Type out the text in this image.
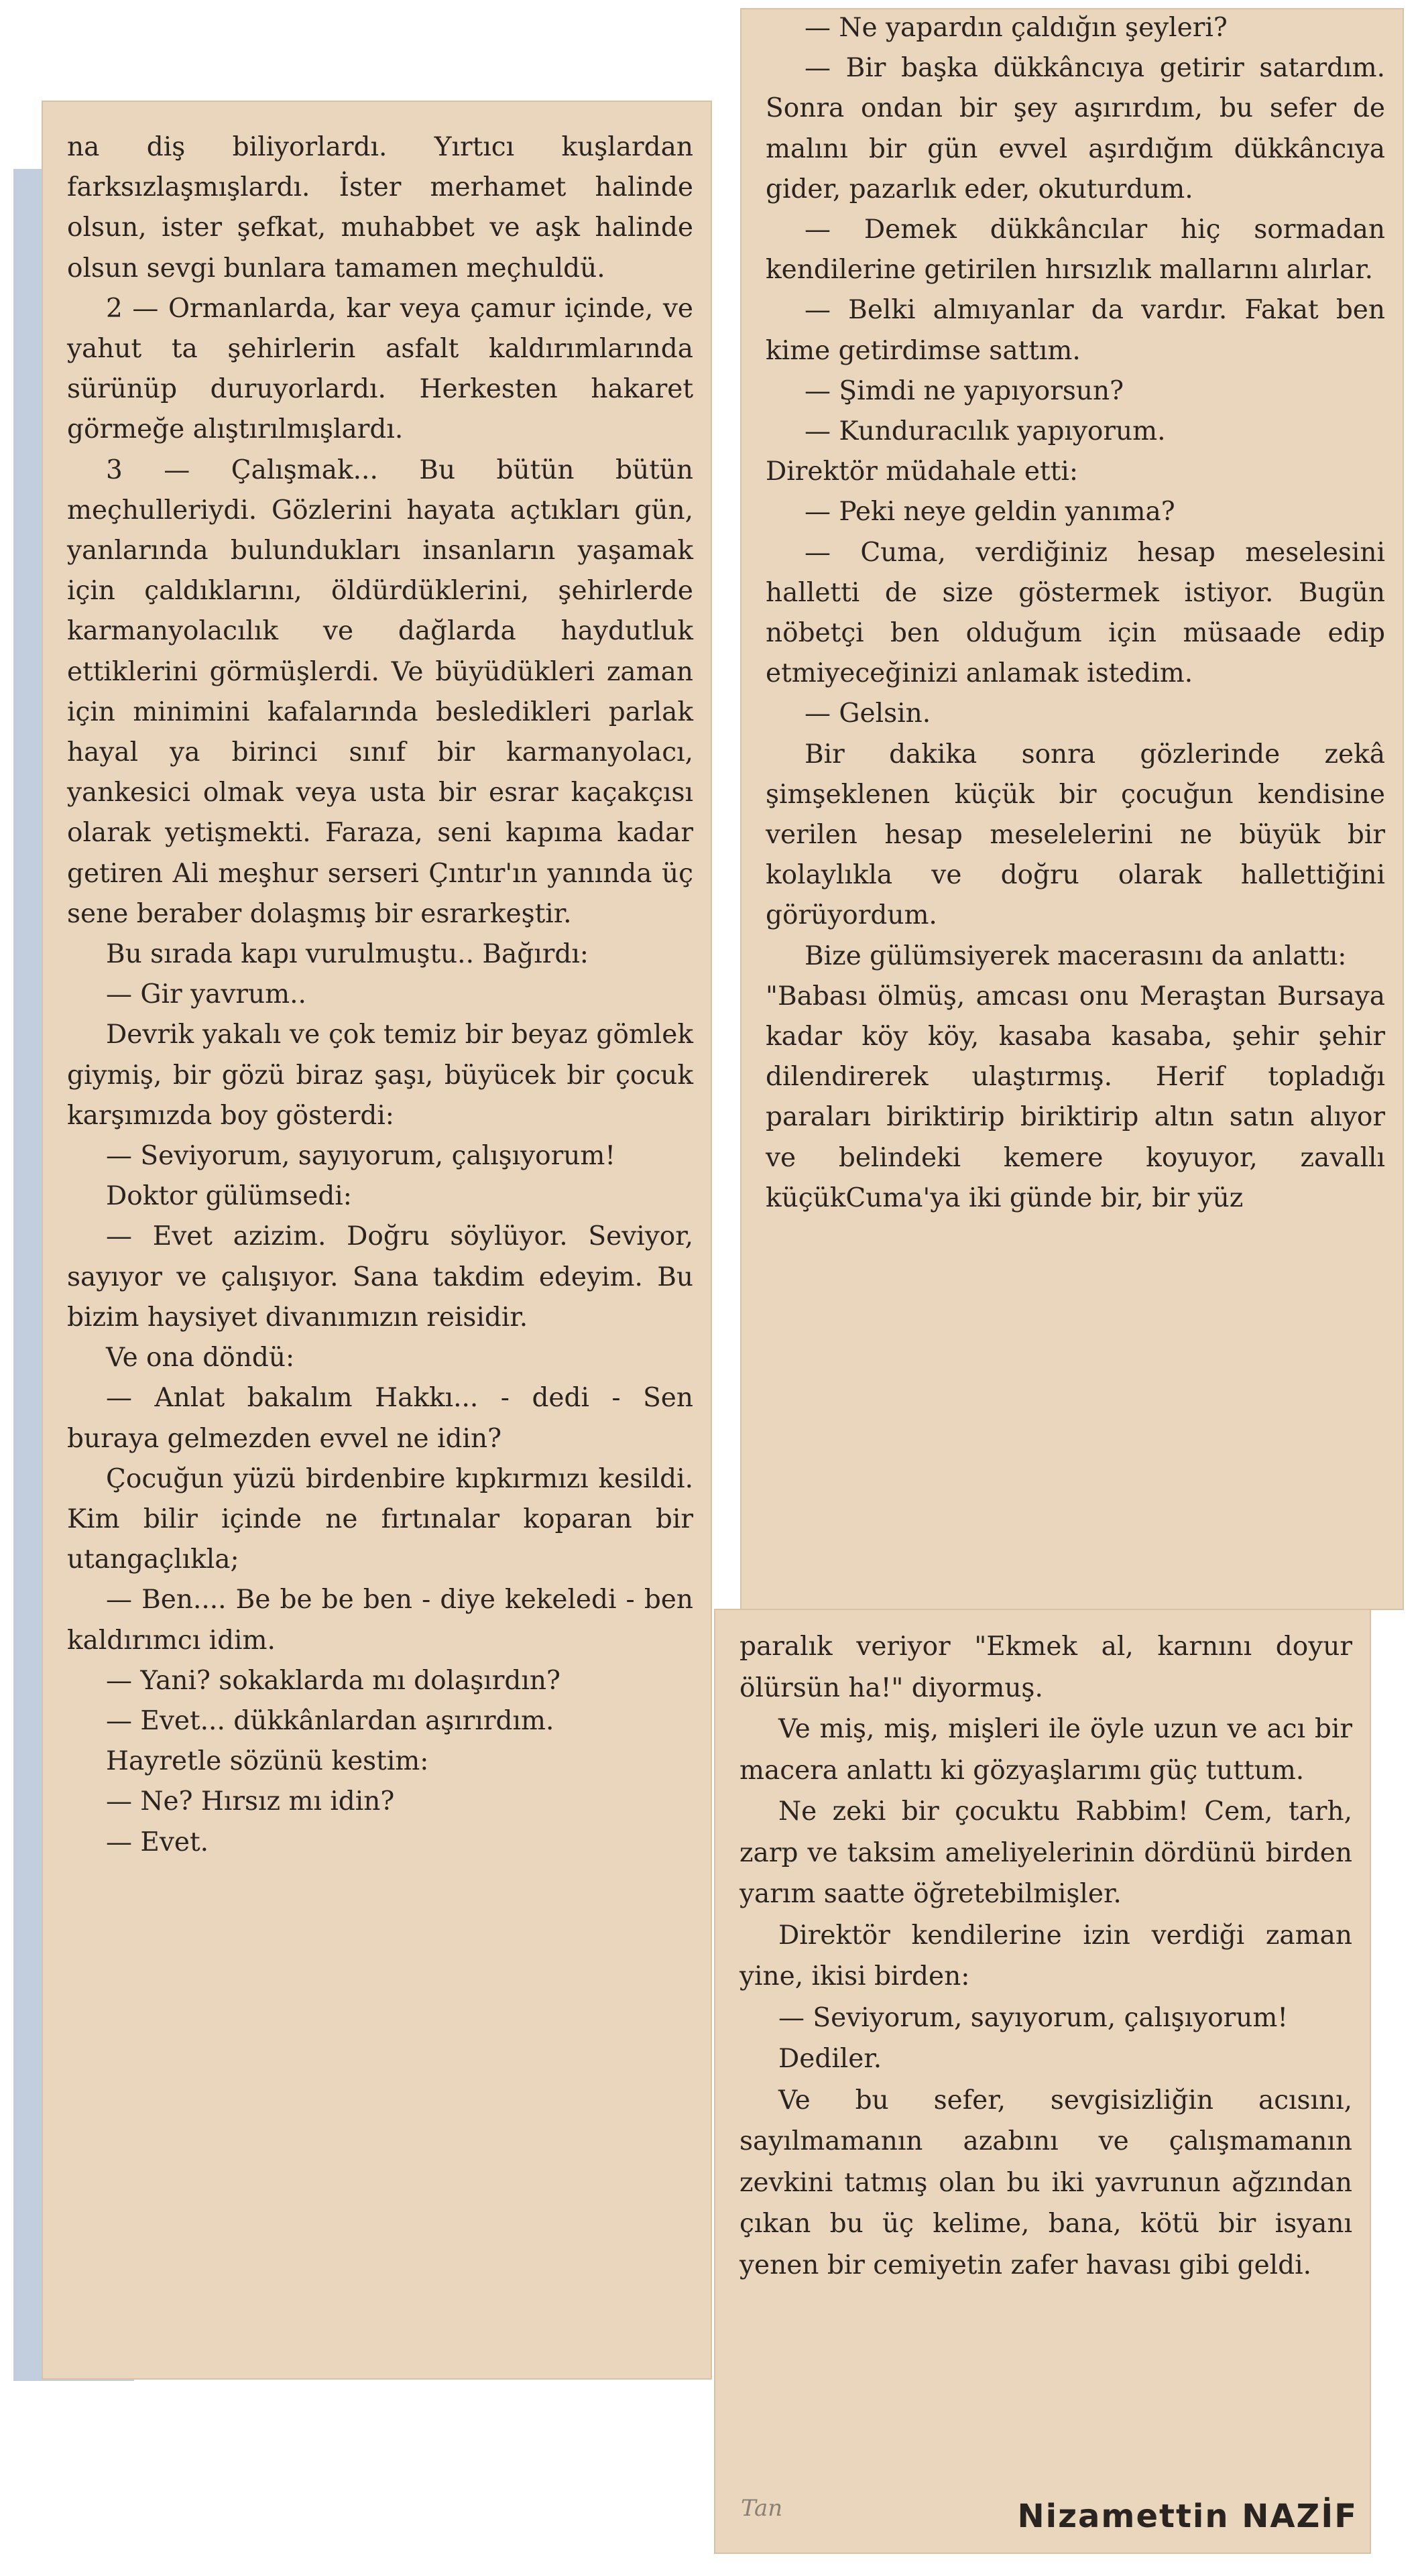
na diş biliyorlardı. Yırtıcı kuşlardan farksızlaşmışlardı. İster merhamet halinde olsun, ister şefkat, muhabbet ve aşk halinde olsun sevgi bunlara tamamen meçhuldü.

2 — Ormanlarda, kar veya çamur içinde, ve yahut ta şehirlerin asfalt kaldırımlarında sürünüp duruyorlardı. Herkesten hakaret görmeğe alıştırılmışlardı.

3 — Çalışmak... Bu bütün bütün meçhulleriydi. Gözlerini hayata açtıkları gün, yanlarında bulundukları insanların yaşamak için çaldıklarını, öldürdüklerini, şehirlerde karmanyolacılık ve dağlarda haydutluk ettiklerini görmüşlerdi. Ve büyüdükleri zaman için minimini kafalarında besledikleri parlak hayal ya birinci sınıf bir karmanyolacı, yankesici olmak veya usta bir esrar kaçakçısı olarak yetişmekti. Faraza, seni kapıma kadar getiren Ali meşhur serseri Çıntır'ın yanında üç sene beraber dolaşmış bir esrarkeştir.

Bu sırada kapı vurulmuştu.. Bağırdı:

— Gir yavrum..

Devrik yakalı ve çok temiz bir beyaz gömlek giymiş, bir gözü biraz şaşı, büyücek bir çocuk karşımızda boy gösterdi:

— Seviyorum, sayıyorum, çalışıyorum!

Doktor gülümsedi:

— Evet azizim. Doğru söylüyor. Seviyor, sayıyor ve çalışıyor. Sana takdim edeyim. Bu bizim haysiyet divanımızın reisidir.

Ve ona döndü:

— Anlat bakalım Hakkı... - dedi - Sen buraya gelmezden evvel ne idin?

Çocuğun yüzü birdenbire kıpkırmızı kesildi. Kim bilir içinde ne fırtınalar koparan bir utangaçlıkla;

— Ben.... Be be be ben - diye kekeledi - ben kaldırımcı idim.

— Yani? sokaklarda mı dolaşırdın?

— Evet... dükkânlardan aşırırdım.

Hayretle sözünü kestim:

— Ne? Hırsız mı idin?

— Evet.

— Ne yapardın çaldığın şeyleri?

— Bir başka dükkâncıya getirir satardım. Sonra ondan bir şey aşırırdım, bu sefer de malını bir gün evvel aşırdığım dükkâncıya gider, pazarlık eder, okuturdum.

— Demek dükkâncılar hiç sormadan kendilerine getirilen hırsızlık mallarını alırlar.

— Belki almıyanlar da vardır. Fakat ben kime getirdimse sattım.

— Şimdi ne yapıyorsun?

— Kunduracılık yapıyorum.

Direktör müdahale etti:

— Peki neye geldin yanıma?

— Cuma, verdiğiniz hesap meselesini halletti de size göstermek istiyor. Bugün nöbetçi ben olduğum için müsaade edip etmiyeceğinizi anlamak istedim.

— Gelsin.

Bir dakika sonra gözlerinde zekâ şimşeklenen küçük bir çocuğun kendisine verilen hesap meselelerini ne büyük bir kolaylıkla ve doğru olarak hallettiğini görüyordum.

Bize gülümsiyerek macerasını da anlattı:

"Babası ölmüş, amcası onu Meraştan Bursaya kadar köy köy, kasaba kasaba, şehir şehir dilendirerek ulaştırmış. Herif topladığı paraları biriktirip biriktirip altın satın alıyor ve belindeki kemere koyuyor, zavallı küçükCuma'ya iki günde bir, bir yüz

paralık veriyor "Ekmek al, karnını doyur ölürsün ha!" diyormuş.

Ve miş, miş, mişleri ile öyle uzun ve acı bir macera anlattı ki gözyaşlarımı güç tuttum.

Ne zeki bir çocuktu Rabbim! Cem, tarh, zarp ve taksim ameliyelerinin dördünü birden yarım saatte öğretebilmişler.

Direktör kendilerine izin verdiği zaman yine, ikisi birden:

— Seviyorum, sayıyorum, çalışıyorum!

Dediler.

Ve bu sefer, sevgisizliğin acısını, sayılmamanın azabını ve çalışmamanın zevkini tatmış olan bu iki yavrunun ağzından çıkan bu üç kelime, bana, kötü bir isyanı yenen bir cemiyetin zafer havası gibi geldi.

Tan	Nizamettin NAZİF
